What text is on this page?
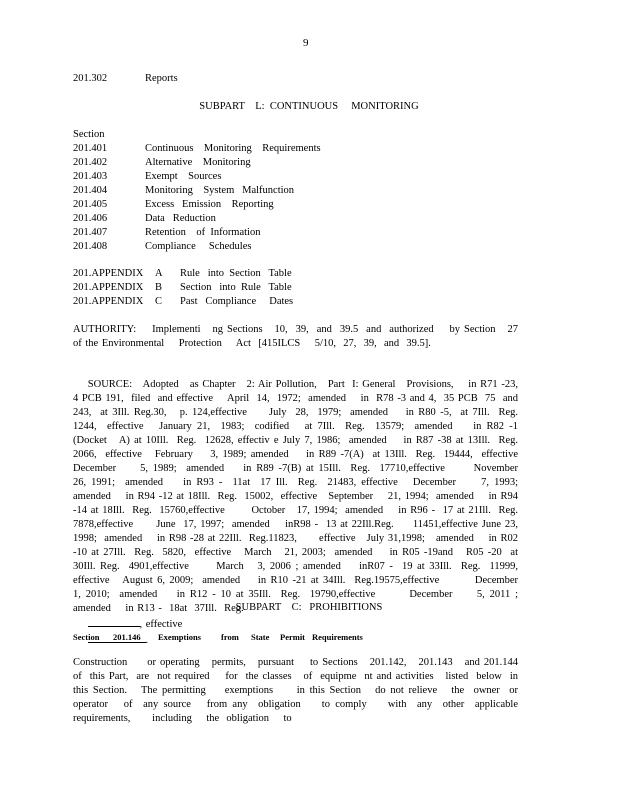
9
201.302	Reports
SUBPART    L:  CONTINUOUS     MONITORING
Section
201.401	Continuous    Monitoring    Requirements
201.402	Alternative    Monitoring
201.403	Exempt    Sources
201.404	Monitoring    System   Malfunction
201.405	Excess   Emission    Reporting
201.406	Data   Reduction
201.407	Retention    of  Information
201.408	Compliance     Schedules
201.APPENDIX A Rule   into  Section   Table
201.APPENDIX B Section   into  Rule   Table
201.APPENDIX C Past   Compliance     Dates
AUTHORITY:    Implementi   ng Sections   10,  39,  and  39.5  and  authorized    by Section   27 of the Environmental    Protection    Act  [415ILCS    5/10,  27,  39,  and  39.5].

SOURCE:   Adopted   as Chapter   2: Air Pollution,   Part  I: General   Provisions,    in R71 -23,  4 PCB 191,  filed  and effective    April  14,  1972;  amended    in  R78 -3 and 4,  35 PCB  75  and 243,  at 3Ill. Reg.30,   p. 124,effective     July  28,  1979;  amended    in R80 -5,  at 7Ill.  Reg.  1244,  effective   January 21,  1983;  codified   at 7Ill.  Reg.  13579;  amended    in R82 -1  (Docket   A) at 10Ill.  Reg.  12628, effectiv e July 7, 1986;  amended    in R87 -38 at 13Ill.  Reg.  2066,  effective   February    3, 1989; amended    in R89 -7(A)  at 13Ill.  Reg.  19444,  effective   December     5, 1989;  amended    in R89 -7(B) at 15Ill.  Reg.  17710,effective      November     26, 1991;  amended    in R93 -  11at  17 Ill.  Reg.  21483, effective   December     7, 1993;  amended    in R94 -12 at 18Ill.  Reg.  15002,  effective   September    21, 1994;  amended    in R94 -14 at 18Ill.  Reg.  15760,effective       October   17, 1994;  amended    in R96 -  17 at 21Ill.  Reg.  7878,effective      June  17, 1997;  amended    inR98 -  13 at 22Ill.Reg.     11451,effective June 23,  1998;  amended    in R98 -28 at 22Ill.  Reg.11823,      effective   July 31,1998;   amended    in R02 -10 at 27Ill.  Reg.  5820,  effective   March   21, 2003;  amended    in R05 -19and   R05 -20  at 30Ill. Reg.  4901,effective      March   3, 2006 ; amended    inR07 -  19 at 33Ill.  Reg.  11999,  effective   August 6, 2009;  amended    in R10 -21 at 34Ill.  Reg.19575,effective        December     1, 2010;  amended    in R12 - 10 at 35Ill.  Reg.  19790,effective       December     5, 2011 ; amended    in R13 -  18at  37Ill.  Reg.
, effective
.

SUBPART    C:   PROHIBITIONS
Section 201.146 Exemptions from State Permit Requirements
Construction     or operating   permits,   pursuant    to Sections   201.142,   201.143   and 201.144   of  this Part,  are  not required    for  the classes   of  equipme  nt and activities   listed  below  in this Section.   The permitting    exemptions     in this Section   do not relieve   the  owner  or operator   of  any source   from any  obligation    to comply    with  any  other  applicable    requirements,      including    the  obligation    to
